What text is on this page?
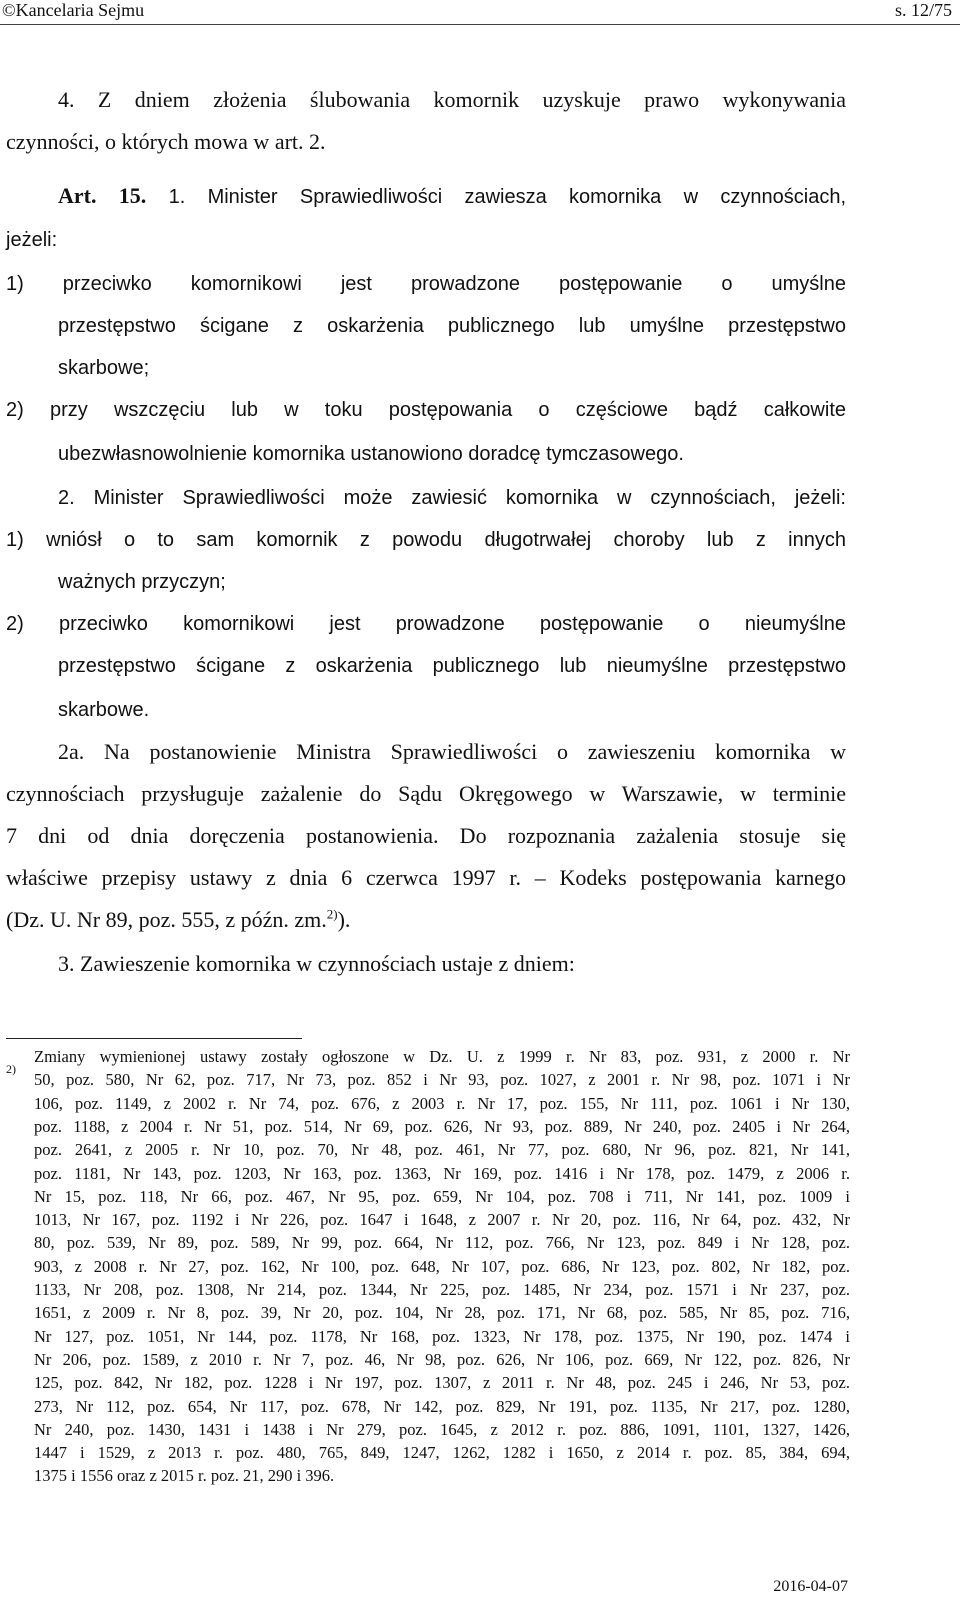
©Kancelaria Sejmu	s. 12/75
4. Z dniem złożenia ślubowania komornik uzyskuje prawo wykonywania
czynności, o których mowa w art. 2.
Art. 15. 1. Minister Sprawiedliwości zawiesza komornika w czynnościach,
jeżeli:
1) przeciwko komornikowi jest prowadzone postępowanie o umyślne
przestępstwo ścigane z oskarżenia publicznego lub umyślne przestępstwo
skarbowe;
2) przy wszczęciu lub w toku postępowania o częściowe bądź całkowite
ubezwłasnowolnienie komornika ustanowiono doradcę tymczasowego.
2. Minister Sprawiedliwości może zawiesić komornika w czynnościach, jeżeli:
1) wniósł o to sam komornik z powodu długotrwałej choroby lub z innych
ważnych przyczyn;
2) przeciwko komornikowi jest prowadzone postępowanie o nieumyślne
przestępstwo ścigane z oskarżenia publicznego lub nieumyślne przestępstwo
skarbowe.
2a. Na postanowienie Ministra Sprawiedliwości o zawieszeniu komornika w
czynnościach przysługuje zażalenie do Sądu Okręgowego w Warszawie, w terminie
7 dni od dnia doręczenia postanowienia. Do rozpoznania zażalenia stosuje się
właściwe przepisy ustawy z dnia 6 czerwca 1997 r. – Kodeks postępowania karnego
(Dz. U. Nr 89, poz. 555, z późn. zm.$^{2)}$).
3. Zawieszenie komornika w czynnościach ustaje z dniem:
2)
Zmiany wymienionej ustawy zostały ogłoszone w Dz. U. z 1999 r. Nr 83, poz. 931, z 2000 r. Nr
50, poz. 580, Nr 62, poz. 717, Nr 73, poz. 852 i Nr 93, poz. 1027, z 2001 r. Nr 98, poz. 1071 i Nr
106, poz. 1149, z 2002 r. Nr 74, poz. 676, z 2003 r. Nr 17, poz. 155, Nr 111, poz. 1061 i Nr 130,
poz. 1188, z 2004 r. Nr 51, poz. 514, Nr 69, poz. 626, Nr 93, poz. 889, Nr 240, poz. 2405 i Nr 264,
poz. 2641, z 2005 r. Nr 10, poz. 70, Nr 48, poz. 461, Nr 77, poz. 680, Nr 96, poz. 821, Nr 141,
poz. 1181, Nr 143, poz. 1203, Nr 163, poz. 1363, Nr 169, poz. 1416 i Nr 178, poz. 1479, z 2006 r.
Nr 15, poz. 118, Nr 66, poz. 467, Nr 95, poz. 659, Nr 104, poz. 708 i 711, Nr 141, poz. 1009 i
1013, Nr 167, poz. 1192 i Nr 226, poz. 1647 i 1648, z 2007 r. Nr 20, poz. 116, Nr 64, poz. 432, Nr
80, poz. 539, Nr 89, poz. 589, Nr 99, poz. 664, Nr 112, poz. 766, Nr 123, poz. 849 i Nr 128, poz.
903, z 2008 r. Nr 27, poz. 162, Nr 100, poz. 648, Nr 107, poz. 686, Nr 123, poz. 802, Nr 182, poz.
1133, Nr 208, poz. 1308, Nr 214, poz. 1344, Nr 225, poz. 1485, Nr 234, poz. 1571 i Nr 237, poz.
1651, z 2009 r. Nr 8, poz. 39, Nr 20, poz. 104, Nr 28, poz. 171, Nr 68, poz. 585, Nr 85, poz. 716,
Nr 127, poz. 1051, Nr 144, poz. 1178, Nr 168, poz. 1323, Nr 178, poz. 1375, Nr 190, poz. 1474 i
Nr 206, poz. 1589, z 2010 r. Nr 7, poz. 46, Nr 98, poz. 626, Nr 106, poz. 669, Nr 122, poz. 826, Nr
125, poz. 842, Nr 182, poz. 1228 i Nr 197, poz. 1307, z 2011 r. Nr 48, poz. 245 i 246, Nr 53, poz.
273, Nr 112, poz. 654, Nr 117, poz. 678, Nr 142, poz. 829, Nr 191, poz. 1135, Nr 217, poz. 1280,
Nr 240, poz. 1430, 1431 i 1438 i Nr 279, poz. 1645, z 2012 r. poz. 886, 1091, 1101, 1327, 1426,
1447 i 1529, z 2013 r. poz. 480, 765, 849, 1247, 1262, 1282 i 1650, z 2014 r. poz. 85, 384, 694,
1375 i 1556 oraz z 2015 r. poz. 21, 290 i 396.
2016-04-07
